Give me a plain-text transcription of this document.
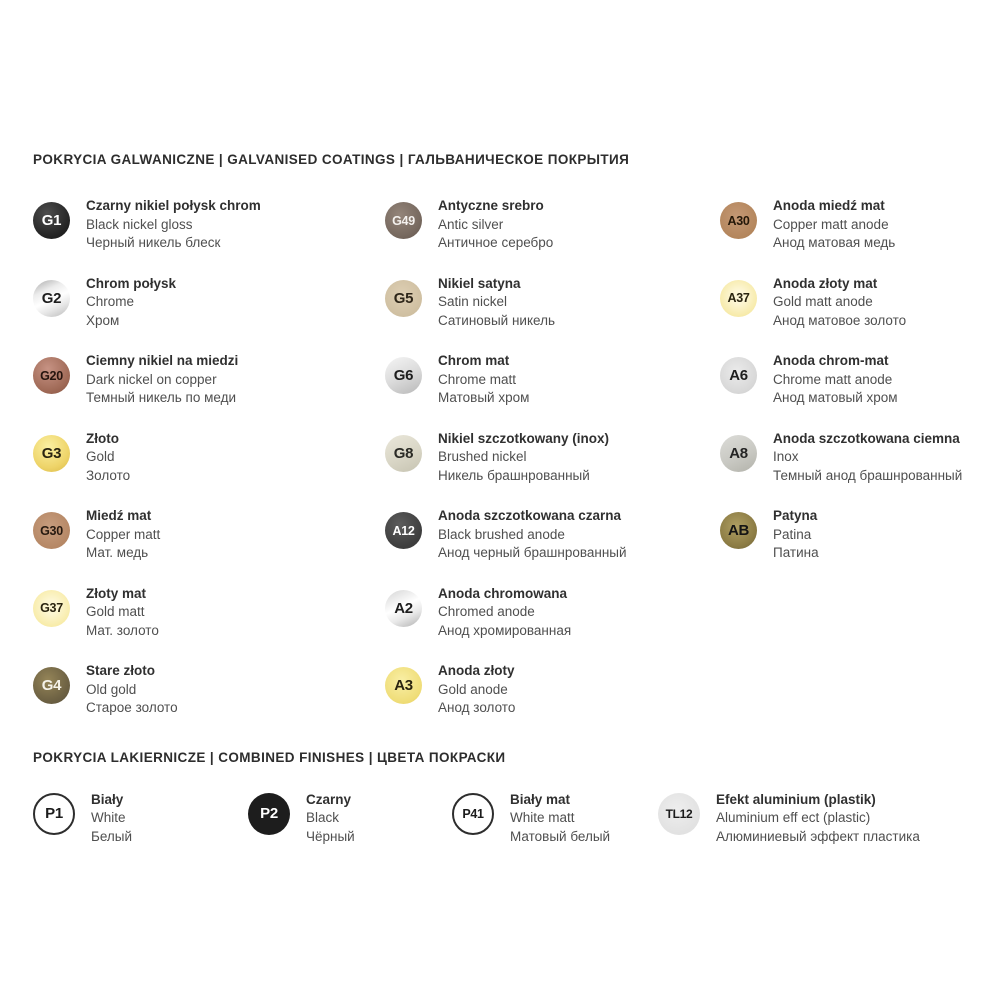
POKRYCIA GALWANICZNE | GALVANISED COATINGS | ГАЛЬВАНИЧЕСКОЕ ПОКРЫТИЯ
G1
Czarny nikiel połysk chrom
Black nickel gloss
Черный никель блеск
G2
Chrom połysk
Chrome
Хром
G20
Ciemny nikiel na miedzi
Dark nickel on copper
Темный никель по меди
G3
Złoto
Gold
Золото
G30
Miedź mat
Copper matt
Мат. медь
G37
Złoty mat
Gold matt
Мат. золото
G4
Stare złoto
Old gold
Старое золото
G49
Antyczne srebro
Antic silver
Античное серебро
G5
Nikiel satyna
Satin nickel
Сатиновый никель
G6
Chrom mat
Chrome matt
Матовый хром
G8
Nikiel szczotkowany (inox)
Brushed nickel
Никель брашнрованный
A12
Anoda szczotkowana czarna
Black brushed anode
Анод черный брашнрованный
A2
Anoda chromowana
Chromed anode
Анод хромированная
A3
Anoda złoty
Gold anode
Анод золото
A30
Anoda miedź mat
Copper matt anode
Анод матовая медь
A37
Anoda złoty mat
Gold matt anode
Анод матовое золото
A6
Anoda chrom-mat
Chrome matt anode
Анод матовый хром
A8
Anoda szczotkowana ciemna
Inox
Темный анод брашнрованный
AB
Patyna
Patina
Патина
POKRYCIA LAKIERNICZE | COMBINED FINISHES | ЦВЕТА ПОКРАСКИ
P1
Biały
White
Белый
P2
Czarny
Black
Чёрный
P41
Biały mat
White matt
Матовый белый
TL12
Efekt aluminium (plastik)
Aluminium eff ect (plastic)
Алюминиевый эффект пластика
